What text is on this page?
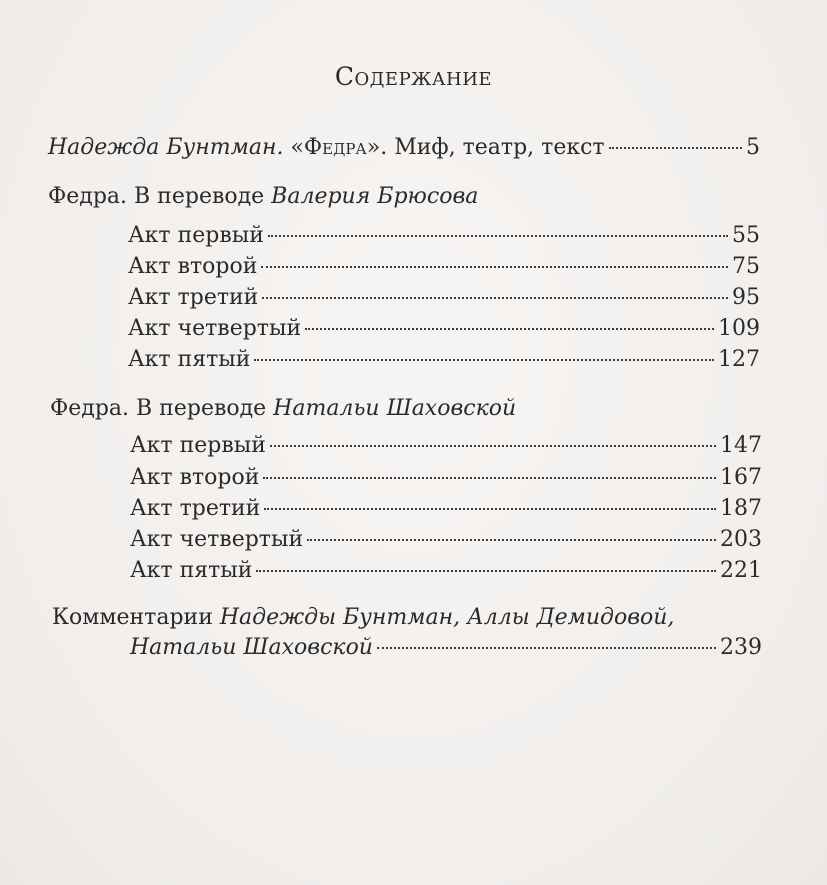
Содержание
Надежда Бунтман. «Федра». Миф, театр, текст	5
Федра. В переводе Валерия Брюсова
Акт первый	55
Акт второй	75
Акт третий	95
Акт четвертый	109
Акт пятый	127
Федра. В переводе Натальи Шаховской
Акт первый	147
Акт второй	167
Акт третий	187
Акт четвертый	203
Акт пятый	221
Комментарии Надежды Бунтман, Аллы Демидовой,
Натальи Шаховской	239
